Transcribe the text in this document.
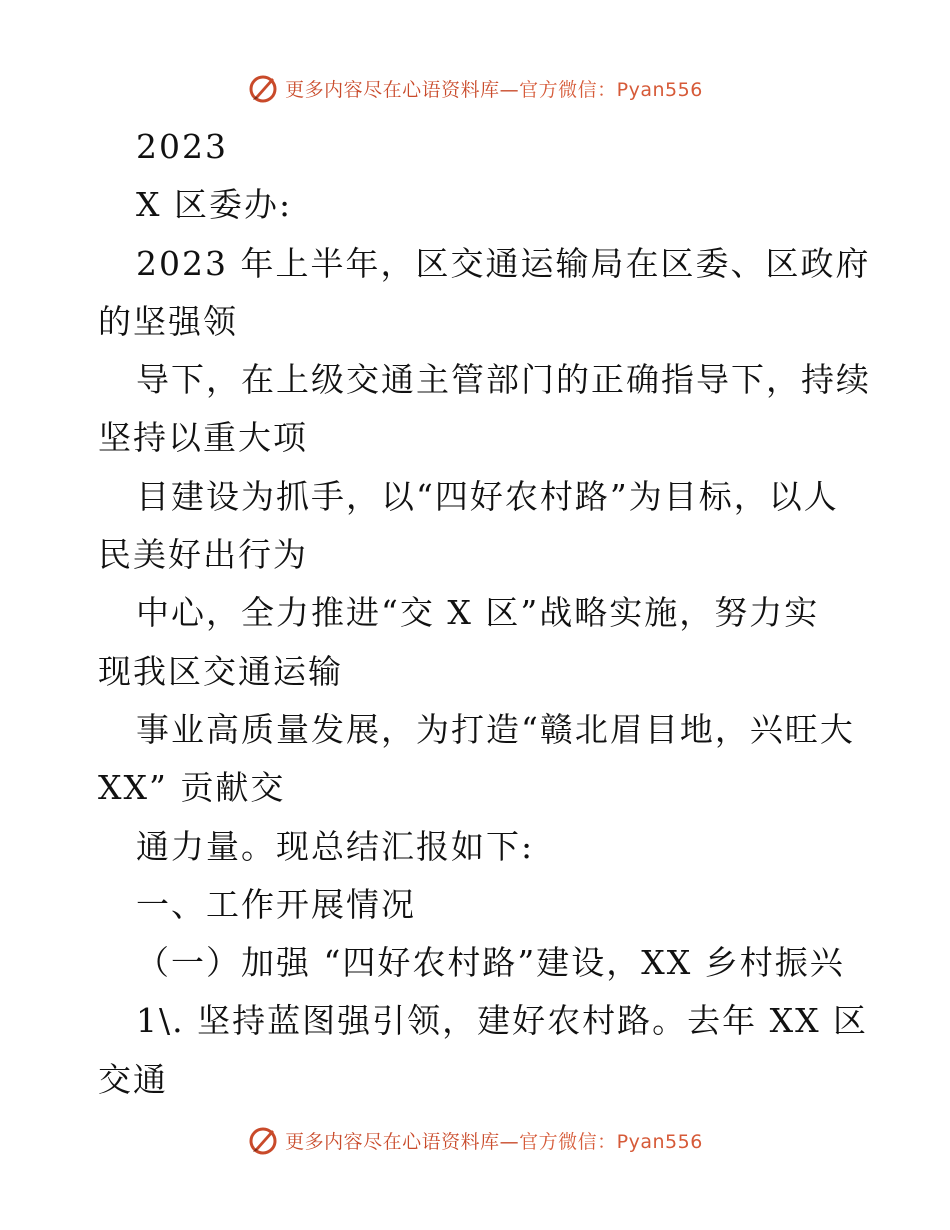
更多内容尽在心语资料库—官方微信：Pyan556
2023
X 区委办:
2023 年上半年，区交通运输局在区委、区政府
的坚强领
导下，在上级交通主管部门的正确指导下，持续
坚持以重大项
目建设为抓手，以“四好农村路”为目标，以人
民美好出行为
中心，全力推进“交 X 区”战略实施，努力实
现我区交通运输
事业高质量发展，为打造“赣北眉目地，兴旺大
XX” 贡献交
通力量。现总结汇报如下:
一、工作开展情况
（一）加强 “四好农村路”建设，XX 乡村振兴
1\. 坚持蓝图强引领，建好农村路。去年 XX 区
交通
更多内容尽在心语资料库—官方微信：Pyan556
